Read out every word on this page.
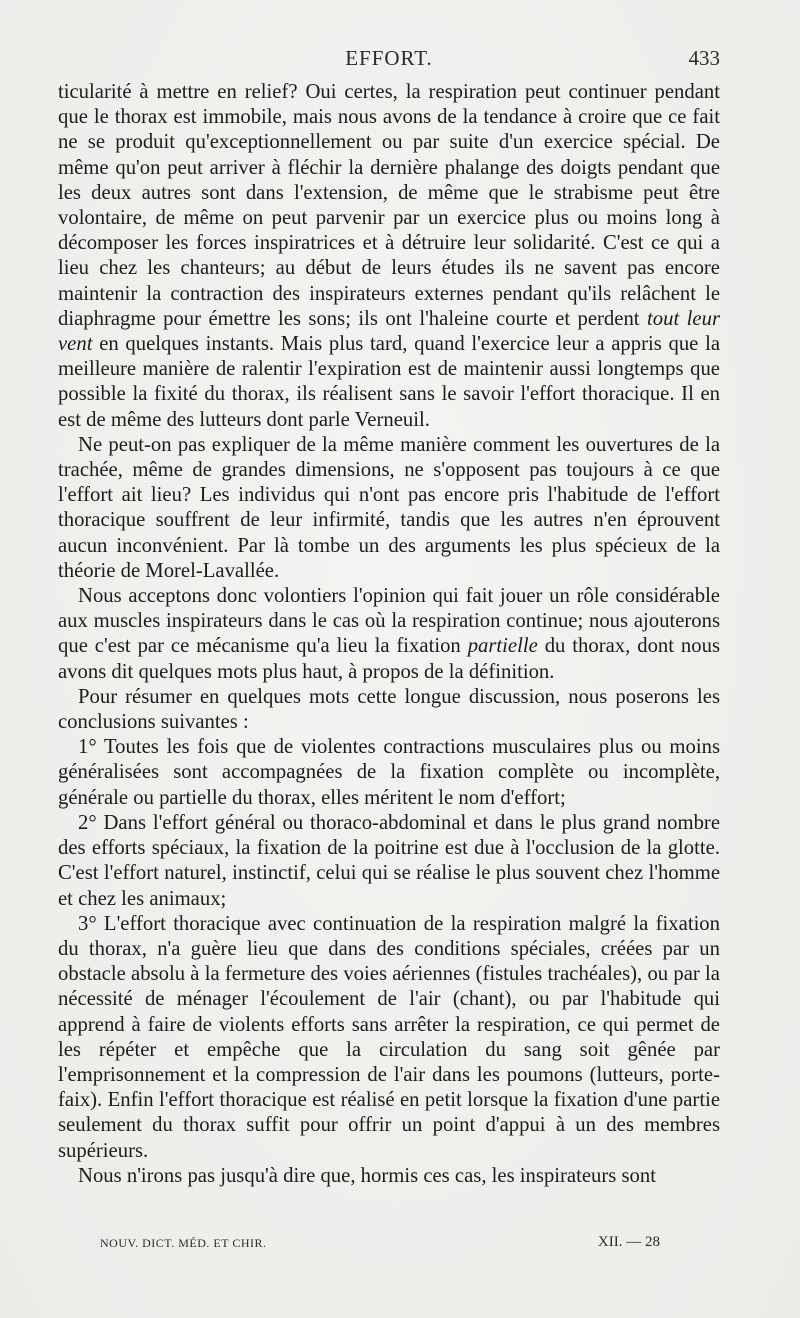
EFFORT.	433

ticularité à mettre en relief? Oui certes, la respiration peut continuer pendant que le thorax est immobile, mais nous avons de la tendance à croire que ce fait ne se produit qu'exceptionnellement ou par suite d'un exercice spécial. De même qu'on peut arriver à fléchir la dernière phalange des doigts pendant que les deux autres sont dans l'extension, de même que le strabisme peut être volontaire, de même on peut parvenir par un exercice plus ou moins long à décomposer les forces inspiratrices et à détruire leur solidarité. C'est ce qui a lieu chez les chanteurs; au début de leurs études ils ne savent pas encore maintenir la contraction des inspirateurs externes pendant qu'ils relâchent le diaphragme pour émettre les sons; ils ont l'haleine courte et perdent tout leur vent en quelques instants. Mais plus tard, quand l'exercice leur a appris que la meilleure manière de ralentir l'expiration est de maintenir aussi longtemps que possible la fixité du thorax, ils réalisent sans le savoir l'effort thoracique. Il en est de même des lutteurs dont parle Verneuil.

Ne peut-on pas expliquer de la même manière comment les ouvertures de la trachée, même de grandes dimensions, ne s'opposent pas toujours à ce que l'effort ait lieu? Les individus qui n'ont pas encore pris l'habitude de l'effort thoracique souffrent de leur infirmité, tandis que les autres n'en éprouvent aucun inconvénient. Par là tombe un des arguments les plus spécieux de la théorie de Morel-Lavallée.

Nous acceptons donc volontiers l'opinion qui fait jouer un rôle considérable aux muscles inspirateurs dans le cas où la respiration continue; nous ajouterons que c'est par ce mécanisme qu'a lieu la fixation partielle du thorax, dont nous avons dit quelques mots plus haut, à propos de la définition.

Pour résumer en quelques mots cette longue discussion, nous poserons les conclusions suivantes :

1° Toutes les fois que de violentes contractions musculaires plus ou moins généralisées sont accompagnées de la fixation complète ou incomplète, générale ou partielle du thorax, elles méritent le nom d'effort;

2° Dans l'effort général ou thoraco-abdominal et dans le plus grand nombre des efforts spéciaux, la fixation de la poitrine est due à l'occlusion de la glotte. C'est l'effort naturel, instinctif, celui qui se réalise le plus souvent chez l'homme et chez les animaux;

3° L'effort thoracique avec continuation de la respiration malgré la fixation du thorax, n'a guère lieu que dans des conditions spéciales, créées par un obstacle absolu à la fermeture des voies aériennes (fistules trachéales), ou par la nécessité de ménager l'écoulement de l'air (chant), ou par l'habitude qui apprend à faire de violents efforts sans arrêter la respiration, ce qui permet de les répéter et empêche que la circulation du sang soit gênée par l'emprisonnement et la compression de l'air dans les poumons (lutteurs, porte-faix). Enfin l'effort thoracique est réalisé en petit lorsque la fixation d'une partie seulement du thorax suffit pour offrir un point d'appui à un des membres supérieurs.

Nous n'irons pas jusqu'à dire que, hormis ces cas, les inspirateurs sont

NOUV. DICT. MÉD. ET CHIR.	XII. — 28
